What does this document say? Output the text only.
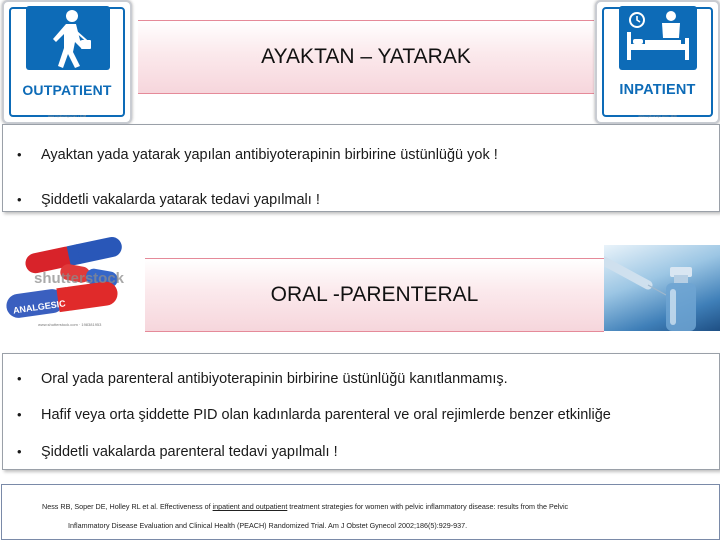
OUTPATIENT
www.mydoorsign.com • 1108
AYAKTAN – YATARAK
INPATIENT
www.mydoorsign.com • 1109
• Ayaktan yada yatarak yapılan antibiyoterapinin birbirine üstünlüğü yok !
• Şiddetli vakalarda yatarak tedavi yapılmalı !
ANALGESIC
shutterstock
www.shutterstock.com · 198381953
ORAL -PARENTERAL
• Oral yada parenteral antibiyoterapinin birbirine üstünlüğü kanıtlanmamış.
• Hafif veya orta şiddette PID olan kadınlarda parenteral ve oral rejimlerde benzer etkinliğe
• Şiddetli vakalarda parenteral tedavi yapılmalı !
Ness RB, Soper DE, Holley RL et al. Effectiveness of inpatient and outpatient treatment strategies for women with pelvic inflammatory disease: results from the Pelvic
Inflammatory Disease Evaluation and Clinical Health (PEACH) Randomized Trial. Am J Obstet Gynecol 2002;186(5):929-937.
